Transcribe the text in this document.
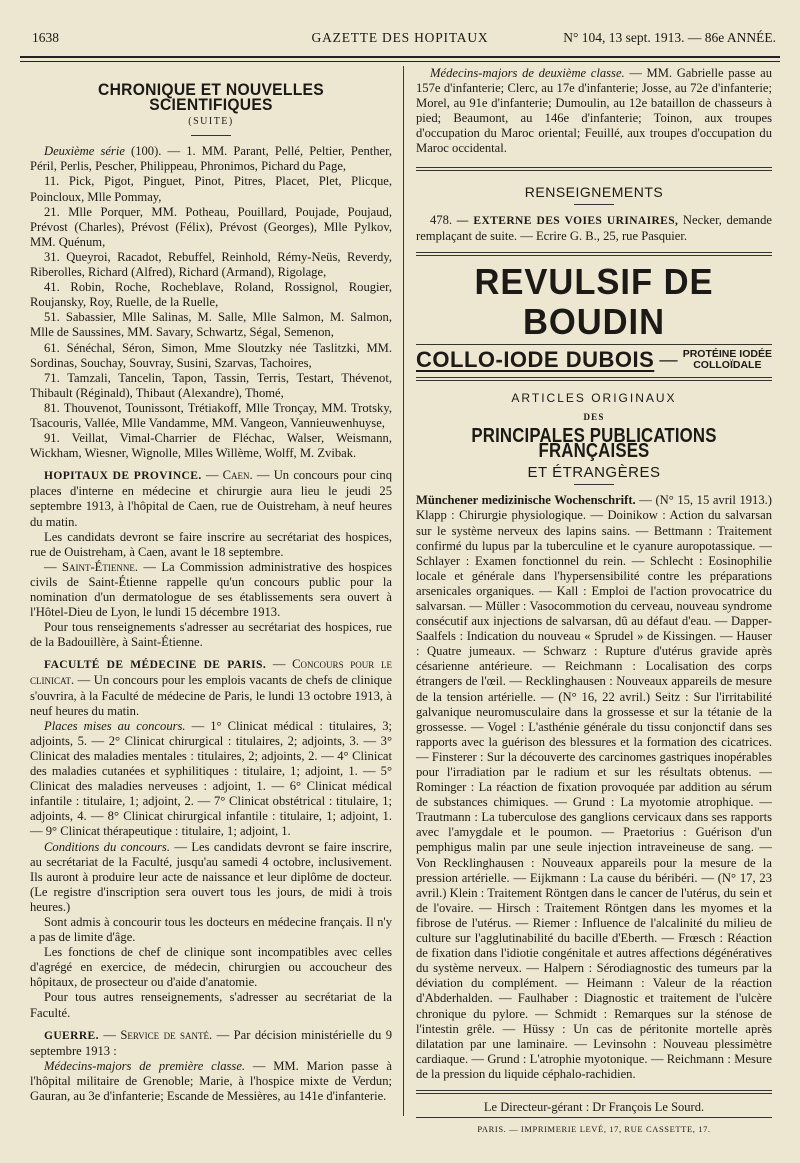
GAZETTE DES HOPITAUX
1638	N° 104, 13 sept. 1913. — 86e ANNÉE.
CHRONIQUE ET NOUVELLES SCIENTIFIQUES
(SUITE)

Deuxième série (100). — 1. MM. Parant, Pellé, Peltier, Penther, Péril, Perlis, Pescher, Philippeau, Phronimos, Pichard du Page,

11. Pick, Pigot, Pinguet, Pinot, Pitres, Placet, Plet, Plicque, Poincloux, Mlle Pommay,

21. Mlle Porquer, MM. Potheau, Pouillard, Poujade, Poujaud, Prévost (Charles), Prévost (Félix), Prévost (Georges), Mlle Pylkov, MM. Quénum,

31. Queyroi, Racadot, Rebuffel, Reinhold, Rémy-Neüs, Reverdy, Riberolles, Richard (Alfred), Richard (Armand), Rigolage,

41. Robin, Roche, Rocheblave, Roland, Rossignol, Rougier, Roujansky, Roy, Ruelle, de la Ruelle,

51. Sabassier, Mlle Salinas, M. Salle, Mlle Salmon, M. Salmon, Mlle de Saussines, MM. Savary, Schwartz, Ségal, Semenon,

61. Sénéchal, Séron, Simon, Mme Sloutzky née Taslitzki, MM. Sordinas, Souchay, Souvray, Susini, Szarvas, Tachoires,

71. Tamzali, Tancelin, Tapon, Tassin, Terris, Testart, Thévenot, Thibault (Réginald), Thibaut (Alexandre), Thomé,

81. Thouvenot, Tounissont, Trétiakoff, Mlle Tronçay, MM. Trotsky, Tsacouris, Vallée, Mlle Vandamme, MM. Vangeon, Vannieuwenhuyse,

91. Veillat, Vimal-Charrier de Fléchac, Walser, Weismann, Wickham, Wiesner, Wignolle, Mlles Willème, Wolff, M. Zvibak.

HOPITAUX DE PROVINCE. — Caen. — Un concours pour cinq places d'interne en médecine et chirurgie aura lieu le jeudi 25 septembre 1913, à l'hôpital de Caen, rue de Ouistreham, à neuf heures du matin.

Les candidats devront se faire inscrire au secrétariat des hospices, rue de Ouistreham, à Caen, avant le 18 septembre.

— Saint-Étienne. — La Commission administrative des hospices civils de Saint-Étienne rappelle qu'un concours public pour la nomination d'un dermatologue de ses établissements sera ouvert à l'Hôtel-Dieu de Lyon, le lundi 15 décembre 1913.

Pour tous renseignements s'adresser au secrétariat des hospices, rue de la Badouillère, à Saint-Étienne.

FACULTÉ DE MÉDECINE DE PARIS. — Concours pour le clinicat. — Un concours pour les emplois vacants de chefs de clinique s'ouvrira, à la Faculté de médecine de Paris, le lundi 13 octobre 1913, à neuf heures du matin.

Places mises au concours. — 1° Clinicat médical : titulaires, 3; adjoints, 5. — 2° Clinicat chirurgical : titulaires, 2; adjoints, 3. — 3° Clinicat des maladies mentales : titulaires, 2; adjoints, 2. — 4° Clinicat des maladies cutanées et syphilitiques : titulaire, 1; adjoint, 1. — 5° Clinicat des maladies nerveuses : adjoint, 1. — 6° Clinicat médical infantile : titulaire, 1; adjoint, 2. — 7° Clinicat obstétrical : titulaire, 1; adjoints, 4. — 8° Clinicat chirurgical infantile : titulaire, 1; adjoint, 1. — 9° Clinicat thérapeutique : titulaire, 1; adjoint, 1.

Conditions du concours. — Les candidats devront se faire inscrire, au secrétariat de la Faculté, jusqu'au samedi 4 octobre, inclusivement. Ils auront à produire leur acte de naissance et leur diplôme de docteur. (Le registre d'inscription sera ouvert tous les jours, de midi à trois heures.)

Sont admis à concourir tous les docteurs en médecine français. Il n'y a pas de limite d'âge.

Les fonctions de chef de clinique sont incompatibles avec celles d'agrégé en exercice, de médecin, chirurgien ou accoucheur des hôpitaux, de prosecteur ou d'aide d'anatomie.

Pour tous autres renseignements, s'adresser au secrétariat de la Faculté.

GUERRE. — Service de santé. — Par décision ministérielle du 9 septembre 1913 :

Médecins-majors de première classe. — MM. Marion passe à l'hôpital militaire de Grenoble; Marie, à l'hospice mixte de Verdun; Gauran, au 3e d'infanterie; Escande de Messières, au 141e d'infanterie.

Médecins-majors de deuxième classe. — MM. Gabrielle passe au 157e d'infanterie; Clerc, au 17e d'infanterie; Josse, au 72e d'infanterie; Morel, au 91e d'infanterie; Dumoulin, au 12e bataillon de chasseurs à pied; Beaumont, au 146e d'infanterie; Toinon, aux troupes d'occupation du Maroc oriental; Feuillé, aux troupes d'occupation du Maroc occidental.

RENSEIGNEMENTS

478. — EXTERNE DES VOIES URINAIRES, Necker, demande remplaçant de suite. — Ecrire G. B., 25, rue Pasquier.

REVULSIF DE BOUDIN
COLLO-IODE DUBOIS — PROTÉINE IODÉE
COLLOÏDALE
ARTICLES ORIGINAUX
DES
PRINCIPALES PUBLICATIONS FRANÇAISES
ET ÉTRANGÈRES

Münchener medizinische Wochenschrift. — (N° 15, 15 avril 1913.) Klapp : Chirurgie physiologique. — Doinikow : Action du salvarsan sur le système nerveux des lapins sains. — Bettmann : Traitement confirmé du lupus par la tuberculine et le cyanure auropotassique. — Schlayer : Examen fonctionnel du rein. — Schlecht : Eosinophilie locale et générale dans l'hypersensibilité contre les préparations arsenicales organiques. — Kall : Emploi de l'action provocatrice du salvarsan. — Müller : Vasocommotion du cerveau, nouveau syndrome consécutif aux injections de salvarsan, dû au défaut d'eau. — Dapper-Saalfels : Indication du nouveau « Sprudel » de Kissingen. — Hauser : Quatre jumeaux. — Schwarz : Rupture d'utérus gravide après césarienne antérieure. — Reichmann : Localisation des corps étrangers de l'œil. — Recklinghausen : Nouveaux appareils de mesure de la tension artérielle. — (N° 16, 22 avril.) Seitz : Sur l'irritabilité galvanique neuromusculaire dans la grossesse et sur la tétanie de la grossesse. — Vogel : L'asthénie générale du tissu conjonctif dans ses rapports avec la guérison des blessures et la formation des cicatrices. — Finsterer : Sur la découverte des carcinomes gastriques inopérables pour l'irradiation par le radium et sur les résultats obtenus. — Rominger : La réaction de fixation provoquée par addition au sérum de substances chimiques. — Grund : La myotomie atrophique. — Trautmann : La tuberculose des ganglions cervicaux dans ses rapports avec l'amygdale et le poumon. — Praetorius : Guérison d'un pemphigus malin par une seule injection intraveineuse de sang. — Von Recklinghausen : Nouveaux appareils pour la mesure de la pression artérielle. — Eijkmann : La cause du béribéri. — (N° 17, 23 avril.) Klein : Traitement Röntgen dans le cancer de l'utérus, du sein et de l'ovaire. — Hirsch : Traitement Röntgen dans les myomes et la fibrose de l'utérus. — Riemer : Influence de l'alcalinité du milieu de culture sur l'agglutinabilité du bacille d'Eberth. — Frœsch : Réaction de fixation dans l'idiotie congénitale et autres affections dégénératives du système nerveux. — Halpern : Sérodiagnostic des tumeurs par la déviation du complément. — Heimann : Valeur de la réaction d'Abderhalden. — Faulhaber : Diagnostic et traitement de l'ulcère chronique du pylore. — Schmidt : Remarques sur la sténose de l'intestin grêle. — Hüssy : Un cas de péritonite mortelle après dilatation par une laminaire. — Levinsohn : Nouveau plessimètre cardiaque. — Grund : L'atrophie myotonique. — Reichmann : Mesure de la pression du liquide céphalo-rachidien.

Le Directeur-gérant : Dr François Le Sourd.
PARIS. — IMPRIMERIE LEVÉ, 17, RUE CASSETTE, 17.
